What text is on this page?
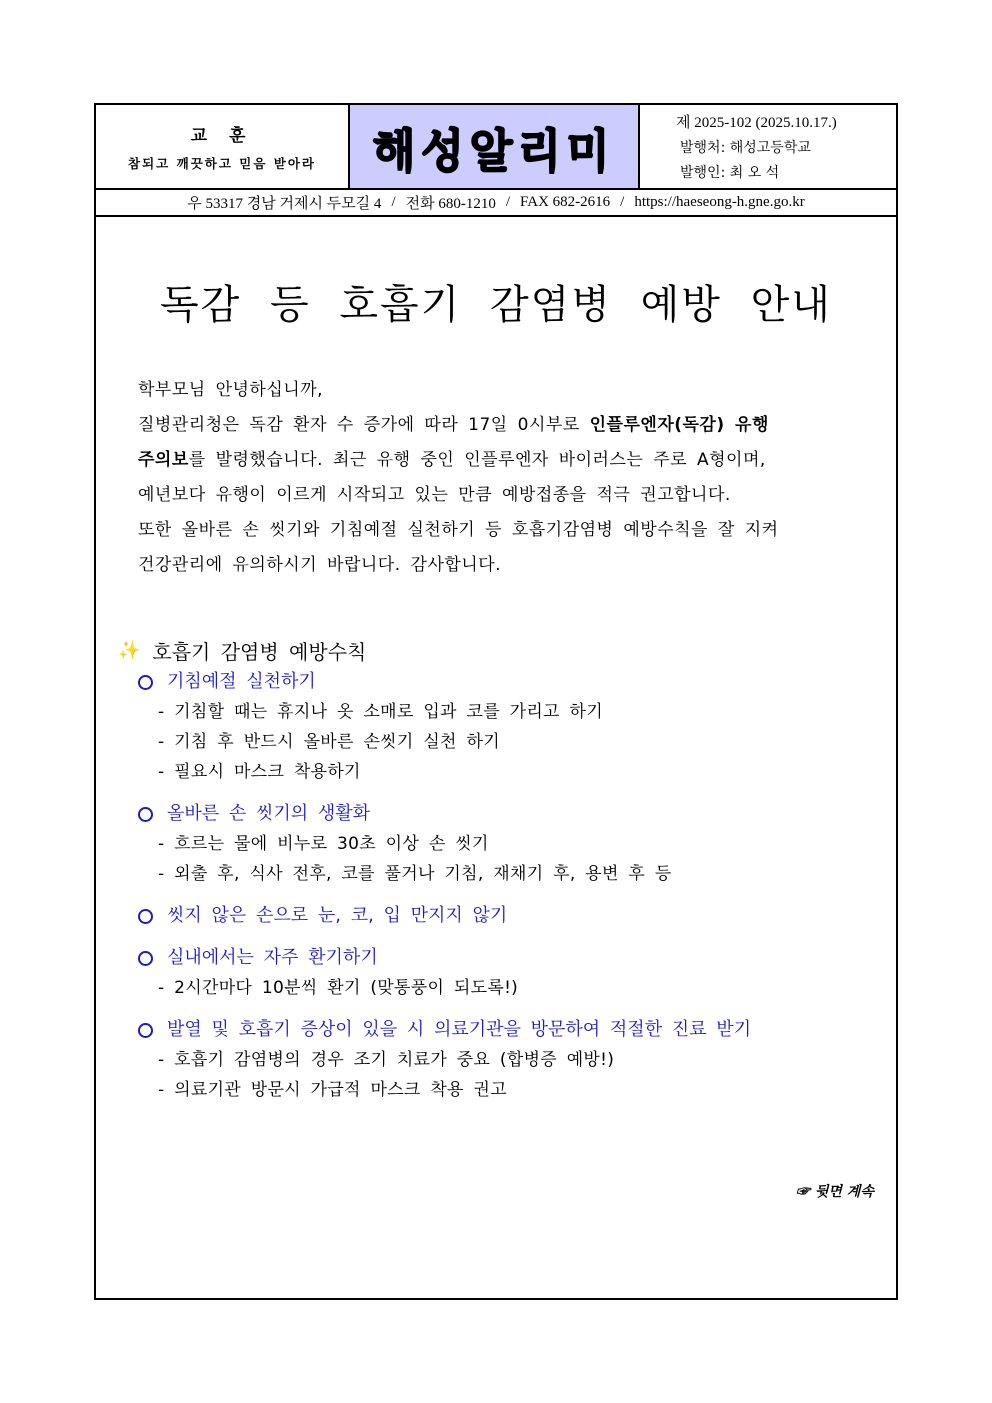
교 훈
참되고 깨끗하고 믿음 받아라 해성알리미
제 2025-102 (2025.10.17.)
발행처: 해성고등학교
발행인: 최 오 석
우 53317 경남 거제시 두모길 4 / 전화 680-1210 / FAX 682-2616 / https://haeseong-h.gne.go.kr
독감 등 호흡기 감염병 예방 안내

학부모님 안녕하십니까,

질병관리청은 독감 환자 수 증가에 따라 17일 0시부로 인플루엔자(독감) 유행

주의보를 발령했습니다. 최근 유행 중인 인플루엔자 바이러스는 주로 A형이며,

예년보다 유행이 이르게 시작되고 있는 만큼 예방접종을 적극 권고합니다.

또한 올바른 손 씻기와 기침예절 실천하기 등 호흡기감염병 예방수칙을 잘 지켜

건강관리에 유의하시기 바랍니다. 감사합니다.

✨ 호흡기 감염병 예방수칙
기침예절 실천하기
- 기침할 때는 휴지나 옷 소매로 입과 코를 가리고 하기
- 기침 후 반드시 올바른 손씻기 실천 하기
- 필요시 마스크 착용하기
올바른 손 씻기의 생활화
- 흐르는 물에 비누로 30초 이상 손 씻기
- 외출 후, 식사 전후, 코를 풀거나 기침, 재채기 후, 용변 후 등
씻지 않은 손으로 눈, 코, 입 만지지 않기
실내에서는 자주 환기하기
- 2시간마다 10분씩 환기 (맞통풍이 되도록!)
발열 및 호흡기 증상이 있을 시 의료기관을 방문하여 적절한 진료 받기
- 호흡기 감염병의 경우 조기 치료가 중요 (합병증 예방!)
- 의료기관 방문시 가급적 마스크 착용 권고
☞ 뒷면 계속
